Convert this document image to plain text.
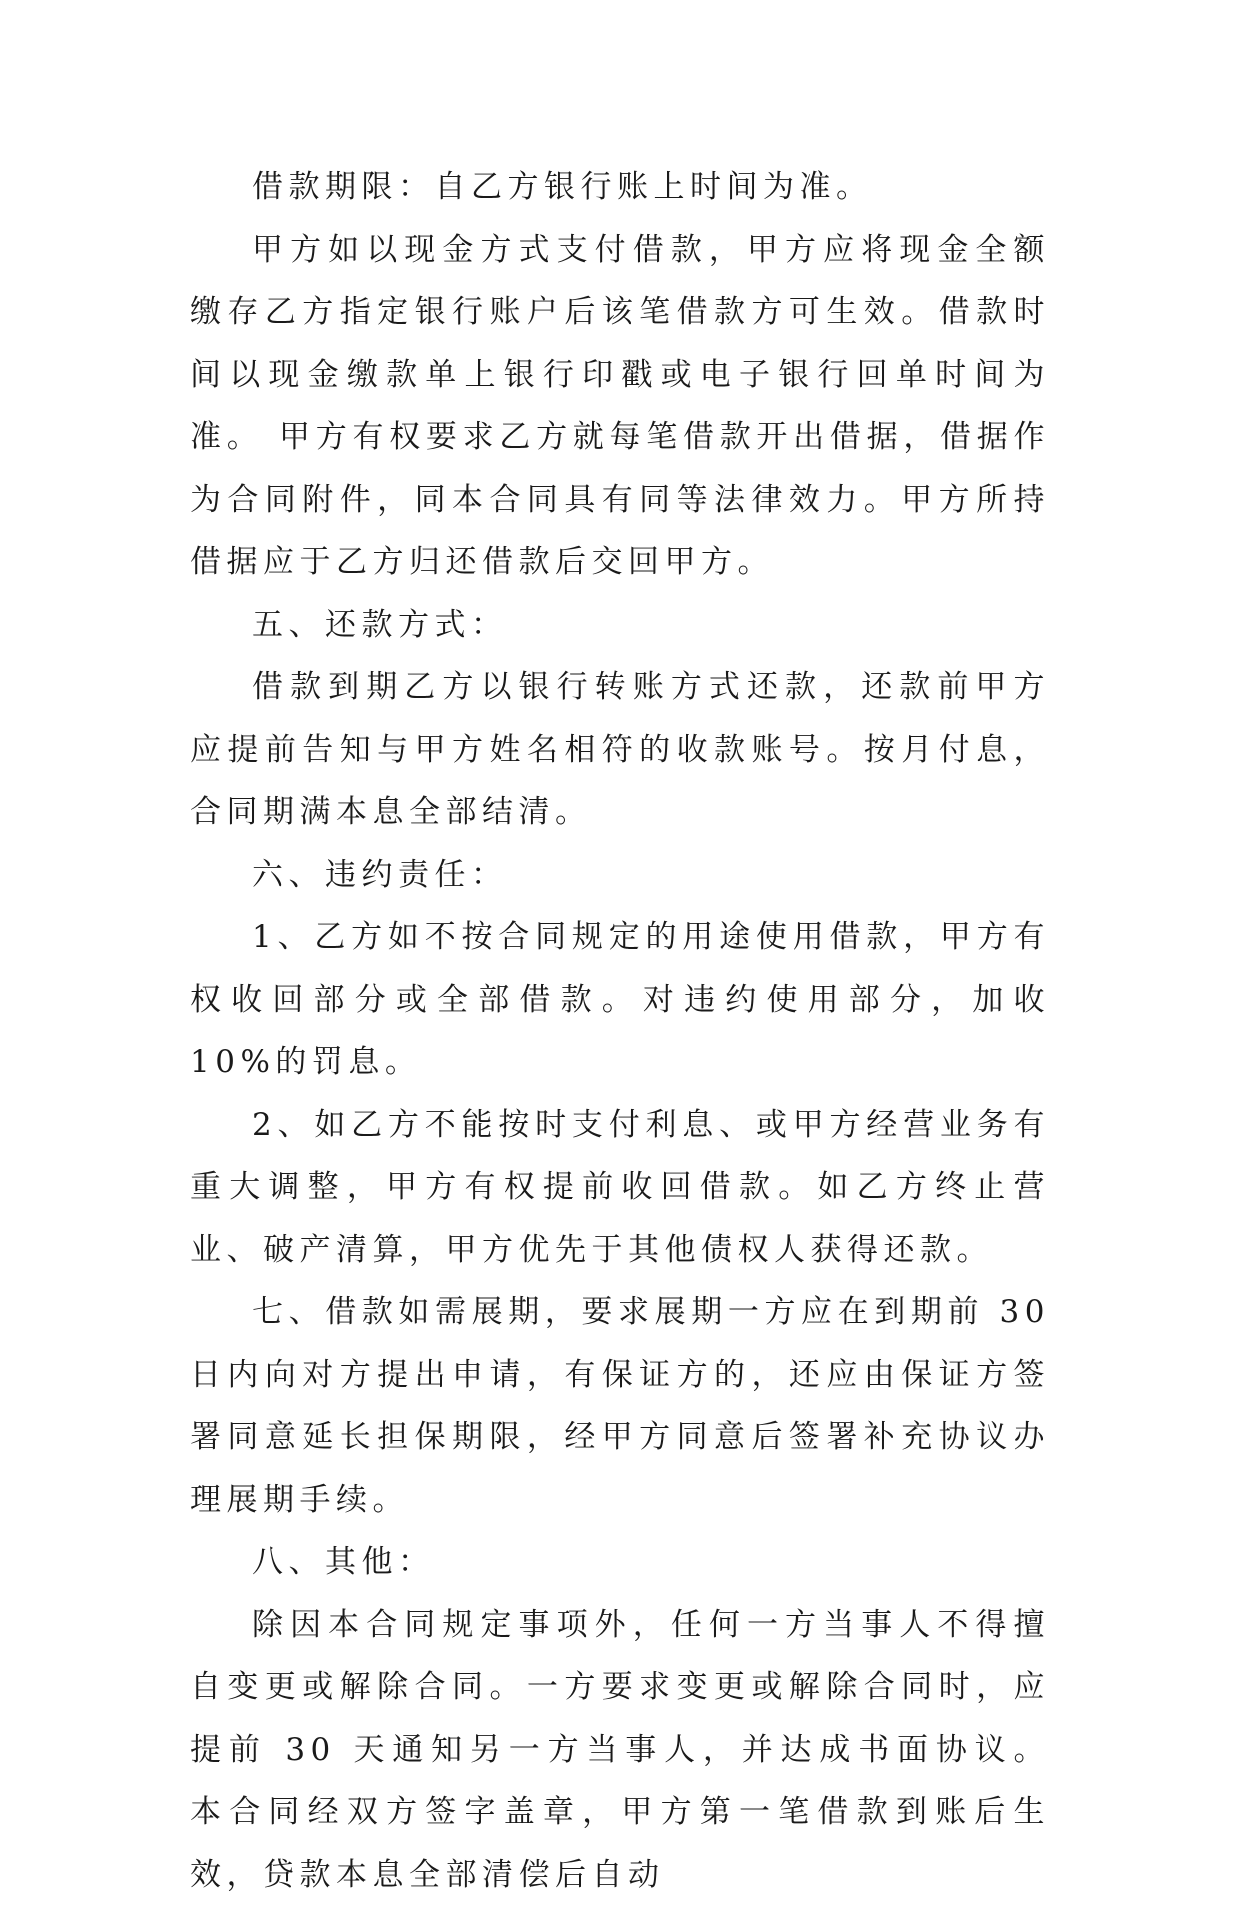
借款期限：自乙方银行账上时间为准。

甲方如以现金方式支付借款，甲方应将现金全额缴存乙方指定银行账户后该笔借款方可生效。借款时间以现金缴款单上银行印戳或电子银行回单时间为准。 甲方有权要求乙方就每笔借款开出借据，借据作为合同附件，同本合同具有同等法律效力。甲方所持借据应于乙方归还借款后交回甲方。

五、还款方式：

借款到期乙方以银行转账方式还款，还款前甲方应提前告知与甲方姓名相符的收款账号。按月付息，合同期满本息全部结清。

六、违约责任：

1、乙方如不按合同规定的用途使用借款，甲方有权收回部分或全部借款。对违约使用部分，加收 10%的罚息。

2、如乙方不能按时支付利息、或甲方经营业务有重大调整，甲方有权提前收回借款。如乙方终止营业、破产清算，甲方优先于其他债权人获得还款。

七、借款如需展期，要求展期一方应在到期前 30 日内向对方提出申请，有保证方的，还应由保证方签署同意延长担保期限，经甲方同意后签署补充协议办理展期手续。

八、其他：

除因本合同规定事项外，任何一方当事人不得擅自变更或解除合同。一方要求变更或解除合同时，应提前 30 天通知另一方当事人，并达成书面协议。 本合同经双方签字盖章，甲方第一笔借款到账后生效，贷款本息全部清偿后自动
